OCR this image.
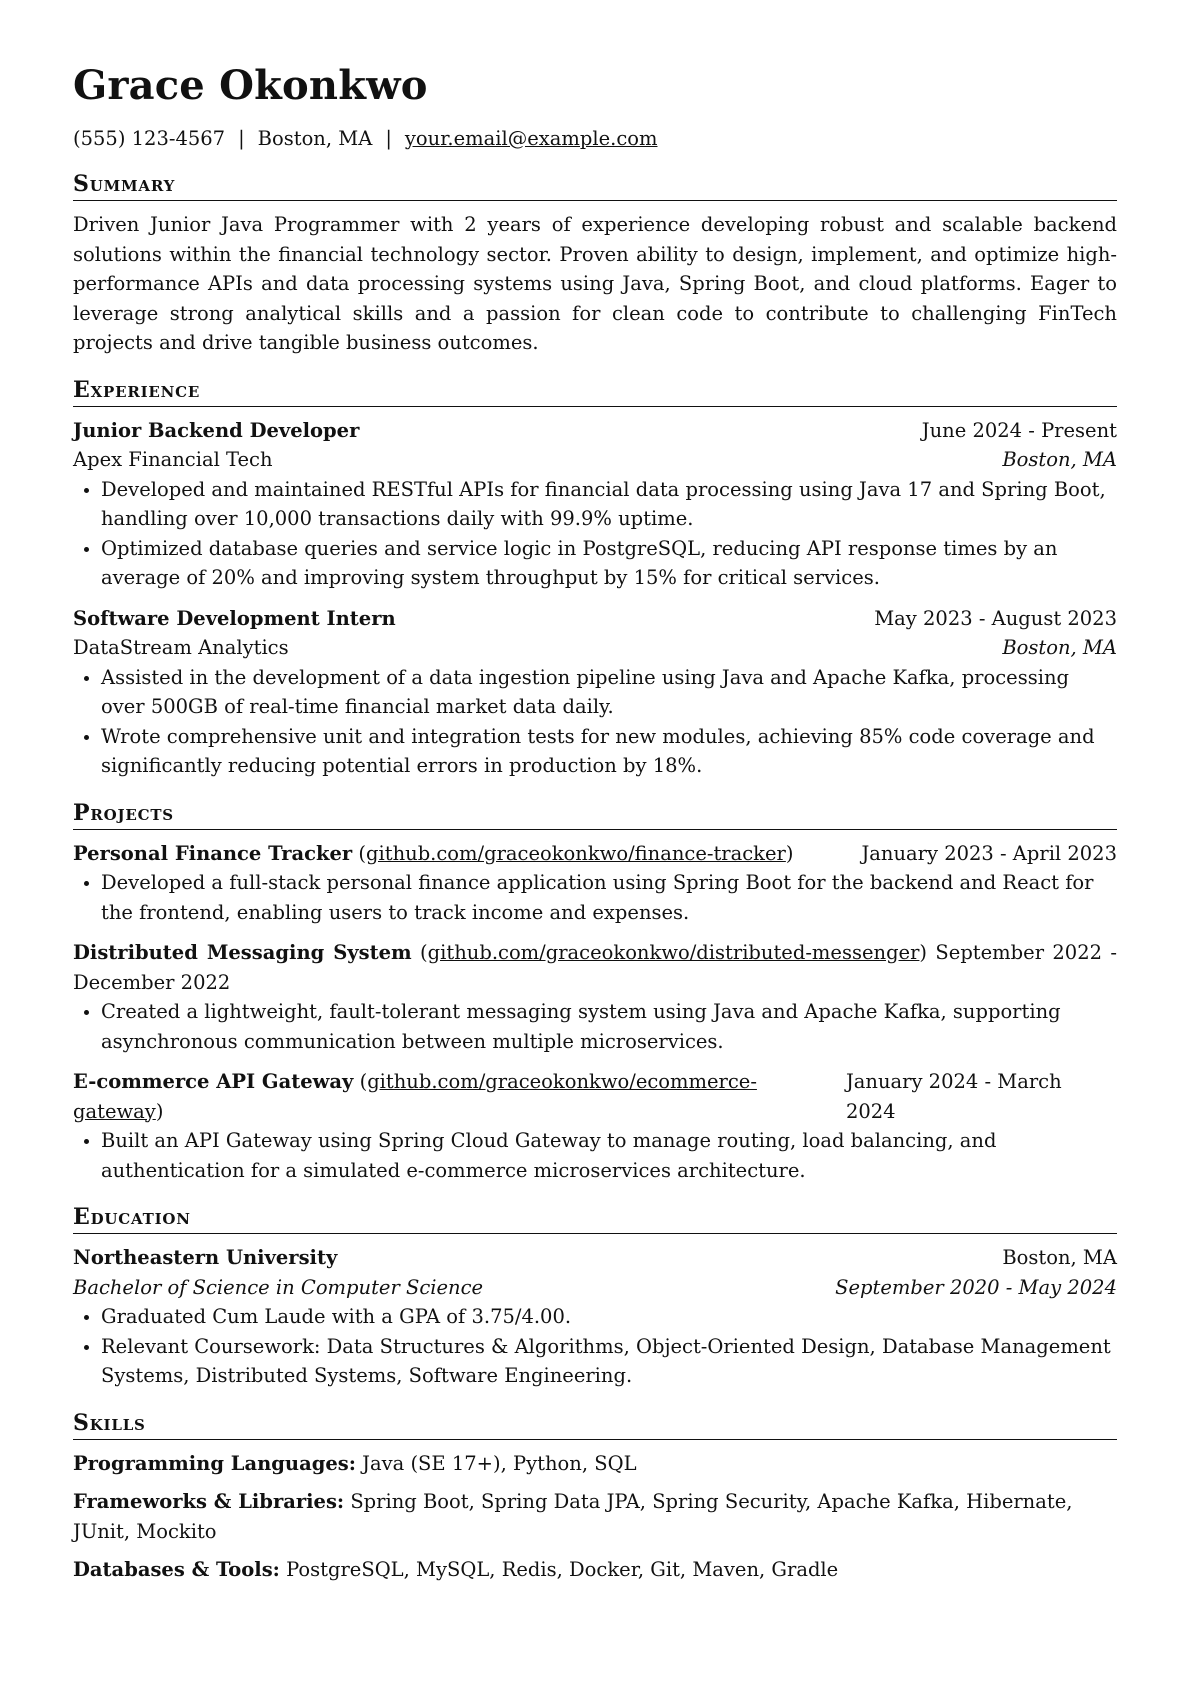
Grace Okonkwo
(555) 123-4567 | Boston, MA | your.email@example.com
Summary

Driven Junior Java Programmer with 2 years of experience developing robust and scalable backend solutions within the financial technology sector. Proven ability to design, implement, and optimize high-performance APIs and data processing systems using Java, Spring Boot, and cloud platforms. Eager to leverage strong analytical skills and a passion for clean code to contribute to challenging FinTech projects and drive tangible business outcomes.

Experience
Junior Backend Developer	June 2024 - Present
Apex Financial Tech	Boston, MA
• Developed and maintained RESTful APIs for financial data processing using Java 17 and Spring Boot, handling over 10,000 transactions daily with 99.9% uptime.
• Optimized database queries and service logic in PostgreSQL, reducing API response times by an average of 20% and improving system throughput by 15% for critical services.
Software Development Intern	May 2023 - August 2023
DataStream Analytics	Boston, MA
• Assisted in the development of a data ingestion pipeline using Java and Apache Kafka, processing over 500GB of real-time financial market data daily.
• Wrote comprehensive unit and integration tests for new modules, achieving 85% code coverage and significantly reducing potential errors in production by 18%.
Projects
Personal Finance Tracker (github.com/graceokonkwo/finance-tracker)	January 2023 - April 2023
• Developed a full-stack personal finance application using Spring Boot for the backend and React for the frontend, enabling users to track income and expenses.
Distributed Messaging System (github.com/graceokonkwo/distributed-messenger) September 2022 - December 2022
• Created a lightweight, fault-tolerant messaging system using Java and Apache Kafka, supporting asynchronous communication between multiple microservices.
E-commerce API Gateway (github.com/graceokonkwo/ecommerce-gateway)
January 2024 - March 2024
• Built an API Gateway using Spring Cloud Gateway to manage routing, load balancing, and authentication for a simulated e-commerce microservices architecture.
Education
Northeastern University	Boston, MA
Bachelor of Science in Computer Science	September 2020 - May 2024
• Graduated Cum Laude with a GPA of 3.75/4.00.
• Relevant Coursework: Data Structures & Algorithms, Object-Oriented Design, Database Management Systems, Distributed Systems, Software Engineering.
Skills
Programming Languages: Java (SE 17+), Python, SQL
Frameworks & Libraries: Spring Boot, Spring Data JPA, Spring Security, Apache Kafka, Hibernate, JUnit, Mockito
Databases & Tools: PostgreSQL, MySQL, Redis, Docker, Git, Maven, Gradle
